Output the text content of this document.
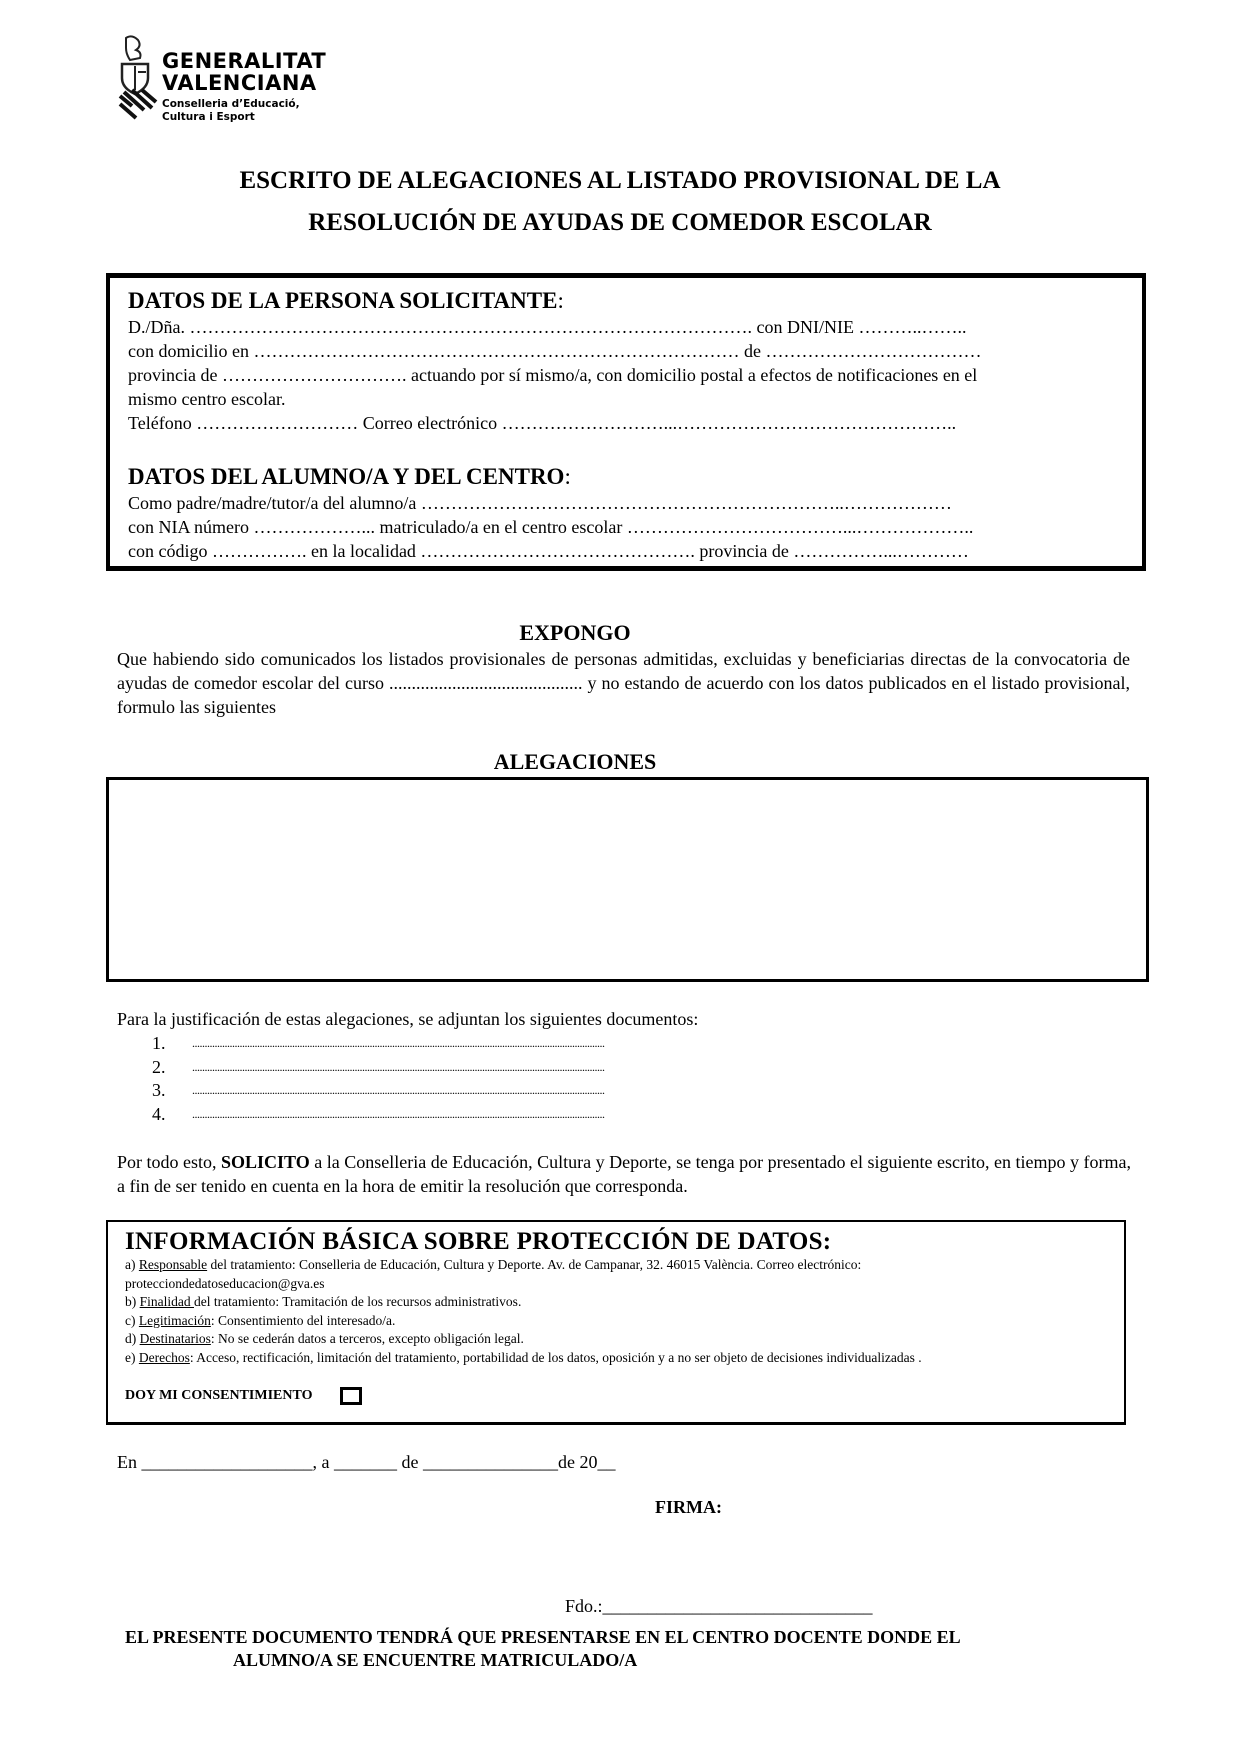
GENERALITAT
VALENCIANA
Conselleria d’Educació,
Cultura i Esport
ESCRITO DE ALEGACIONES AL LISTADO PROVISIONAL DE LA
RESOLUCIÓN DE AYUDAS DE COMEDOR ESCOLAR
DATOS DE LA PERSONA SOLICITANTE:
D./Dña. …………………………………………………………………………………. con DNI/NIE ………..……..
con domicilio en ……………………………………………………………………… de ………………………………
provincia de …………………………. actuando por sí mismo/a, con domicilio postal a efectos de notificaciones en el
mismo centro escolar.
Teléfono ……………………… Correo electrónico ………………………...………………………………………..
DATOS DEL ALUMNO/A Y DEL CENTRO:
Como padre/madre/tutor/a del alumno/a ……………………………………………………………..………………
con NIA número ………………... matriculado/a en el centro escolar ………………………………...………………..
con código ……………. en la localidad ………………………………………. provincia de ……………...…………
EXPONGO
Que habiendo sido comunicados los listados provisionales de personas admitidas, excluidas y beneficiarias directas de la convocatoria de ayudas de comedor escolar del curso ........................................... y no estando de acuerdo con los datos publicados en el listado provisional, formulo las siguientes
ALEGACIONES
Para la justificación de estas alegaciones, se adjuntan los siguientes documentos:
1.	.....................................................................................................................................................................
2.	.....................................................................................................................................................................
3.	.....................................................................................................................................................................
4.	.....................................................................................................................................................................
Por todo esto, SOLICITO a la Conselleria de Educación, Cultura y Deporte, se tenga por presentado el siguiente escrito, en tiempo y forma, a fin de ser tenido en cuenta en la hora de emitir la resolución que corresponda.
INFORMACIÓN BÁSICA SOBRE PROTECCIÓN DE DATOS:
a) Responsable del tratamiento: Conselleria de Educación, Cultura y Deporte. Av. de Campanar, 32. 46015 València. Correo electrónico:
protecciondedatoseducacion@gva.es
b) Finalidad del tratamiento: Tramitación de los recursos administrativos.
c) Legitimación: Consentimiento del interesado/a.
d) Destinatarios: No se cederán datos a terceros, excepto obligación legal.
e) Derechos: Acceso, rectificación, limitación del tratamiento, portabilidad de los datos, oposición y a no ser objeto de decisiones individualizadas .
DOY MI CONSENTIMIENTO
En ___________________, a _______ de _______________de 20__
FIRMA:
Fdo.:______________________________
EL PRESENTE DOCUMENTO TENDRÁ QUE PRESENTARSE EN EL CENTRO DOCENTE DONDE EL
ALUMNO/A SE ENCUENTRE MATRICULADO/A
